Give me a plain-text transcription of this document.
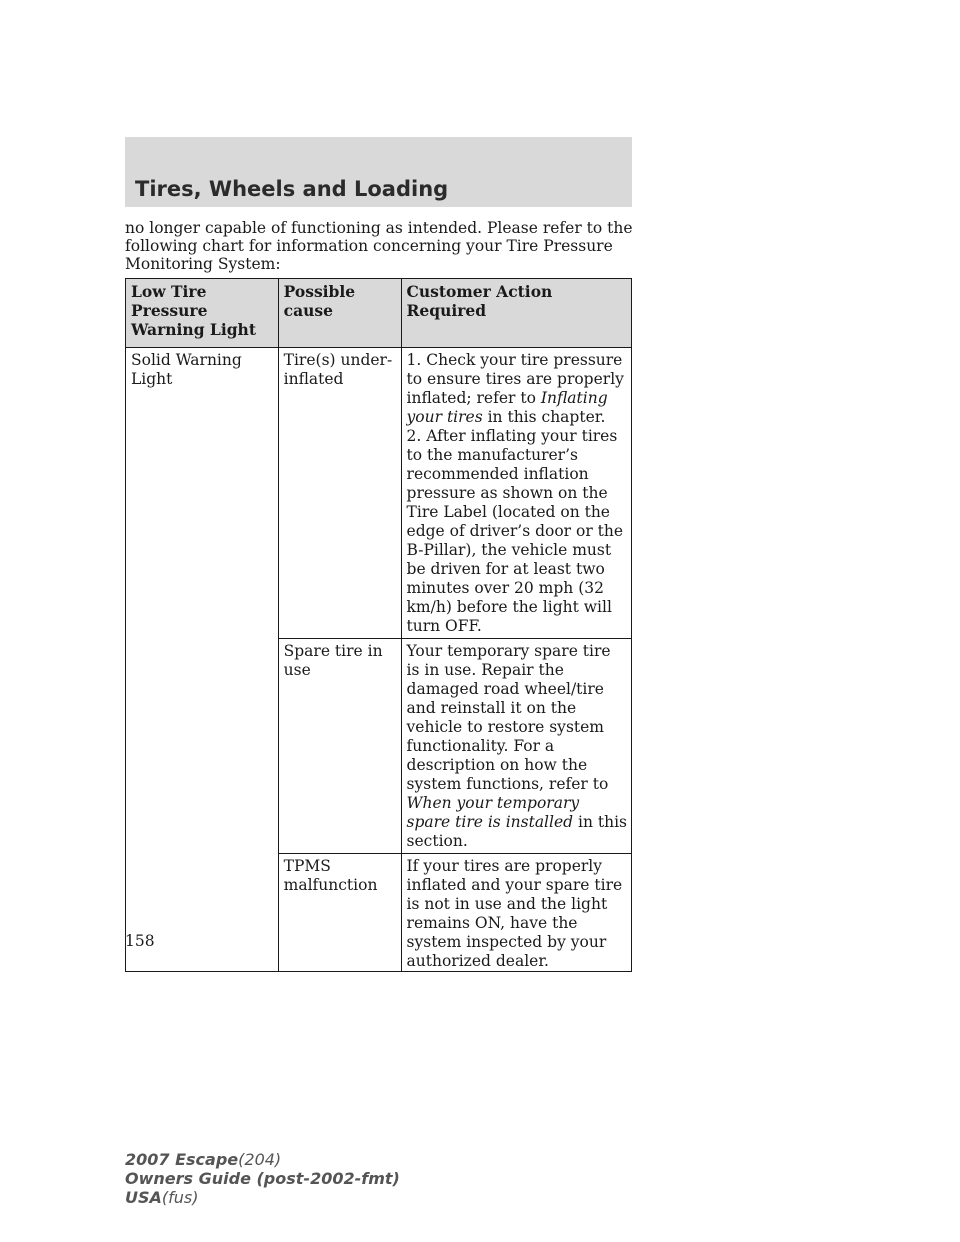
Tires, Wheels and Loading
no longer capable of functioning as intended. Please refer to the following chart for information concerning your Tire Pressure Monitoring System:
Low Tire Pressure Warning Light	Possible cause	Customer Action Required
Solid Warning Light	Tire(s) under-inflated	1. Check your tire pressure to ensure tires are properly inflated; refer to Inflating your tires in this chapter.
2. After inflating your tires to the manufacturer’s recommended inflation pressure as shown on the Tire Label (located on the edge of driver’s door or the B-Pillar), the vehicle must be driven for at least two minutes over 20 mph (32 km/h) before the light will turn OFF.
	Spare tire in use	Your temporary spare tire is in use. Repair the damaged road wheel/tire and reinstall it on the vehicle to restore system functionality. For a description on how the system functions, refer to When your temporary spare tire is installed in this section.
	TPMS malfunction	If your tires are properly inflated and your spare tire is not in use and the light remains ON, have the system inspected by your authorized dealer.
158
2007 Escape(204)
Owners Guide (post-2002-fmt)
USA(fus)
